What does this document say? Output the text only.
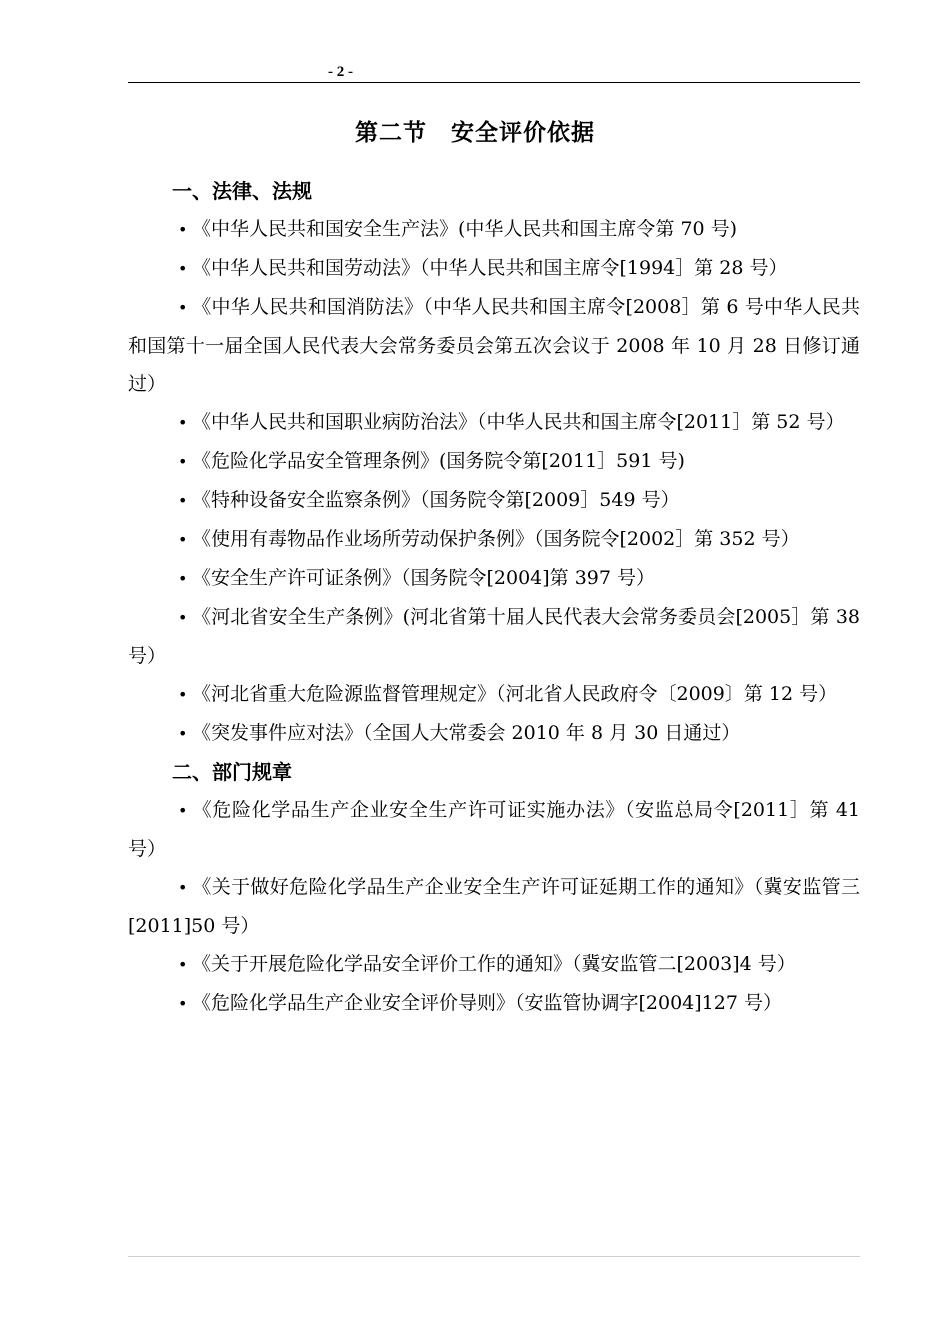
- 2 -
第二节　安全评价依据
一、法律、法规
• 《中华人民共和国安全生产法》(中华人民共和国主席令第 70 号)
• 《中华人民共和国劳动法》（中华人民共和国主席令[1994］第 28 号）
• 《中华人民共和国消防法》（中华人民共和国主席令[2008］第 6 号中华人民共和国第十一届全国人民代表大会常务委员会第五次会议于 2008 年 10 月 28 日修订通过）
• 《中华人民共和国职业病防治法》（中华人民共和国主席令[2011］第 52 号）
• 《危险化学品安全管理条例》(国务院令第[2011］591 号)
• 《特种设备安全监察条例》（国务院令第[2009］549 号）
• 《使用有毒物品作业场所劳动保护条例》（国务院令[2002］第 352 号）
• 《安全生产许可证条例》（国务院令[2004]第 397 号）
• 《河北省安全生产条例》(河北省第十届人民代表大会常务委员会[2005］第 38 号）
• 《河北省重大危险源监督管理规定》（河北省人民政府令〔2009〕第 12 号）
• 《突发事件应对法》（全国人大常委会 2010 年 8 月 30 日通过）
二、部门规章
• 《危险化学品生产企业安全生产许可证实施办法》（安监总局令[2011］第 41 号）
• 《关于做好危险化学品生产企业安全生产许可证延期工作的通知》（冀安监管三[2011]50 号）
• 《关于开展危险化学品安全评价工作的通知》（冀安监管二[2003]4 号）
• 《危险化学品生产企业安全评价导则》（安监管协调字[2004]127 号）
